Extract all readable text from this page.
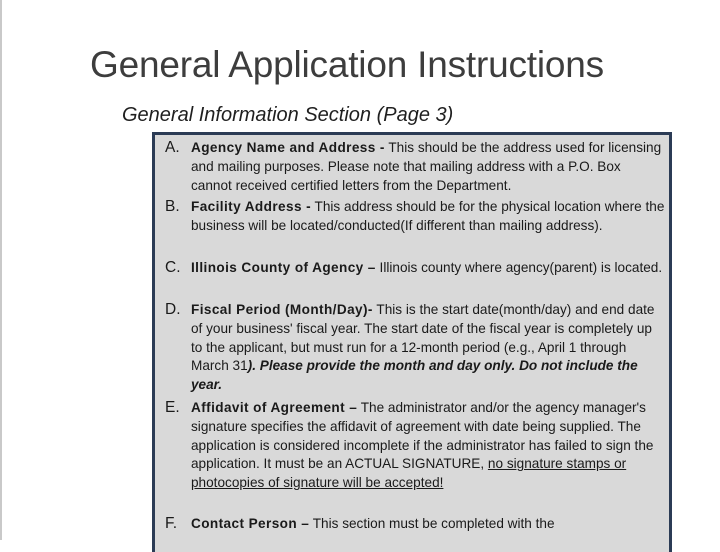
General Application Instructions
General Information Section (Page 3)
A. Agency Name and Address - This should be the address used for licensing and mailing purposes. Please note that mailing address with a P.O. Box cannot received certified letters from the Department.
B. Facility Address - This address should be for the physical location where the business will be located/conducted(If different than mailing address).
C. Illinois County of Agency – Illinois county where agency(parent) is located.
D. Fiscal Period (Month/Day)- This is the start date(month/day) and end date of your business' fiscal year. The start date of the fiscal year is completely up to the applicant, but must run for a 12-month period (e.g., April 1 through March 31). Please provide the month and day only. Do not include the year.
E. Affidavit of Agreement – The administrator and/or the agency manager's signature specifies the affidavit of agreement with date being supplied. The application is considered incomplete if the administrator has failed to sign the application. It must be an ACTUAL SIGNATURE, no signature stamps or photocopies of signature will be accepted!
F. Contact Person – This section must be completed with the
